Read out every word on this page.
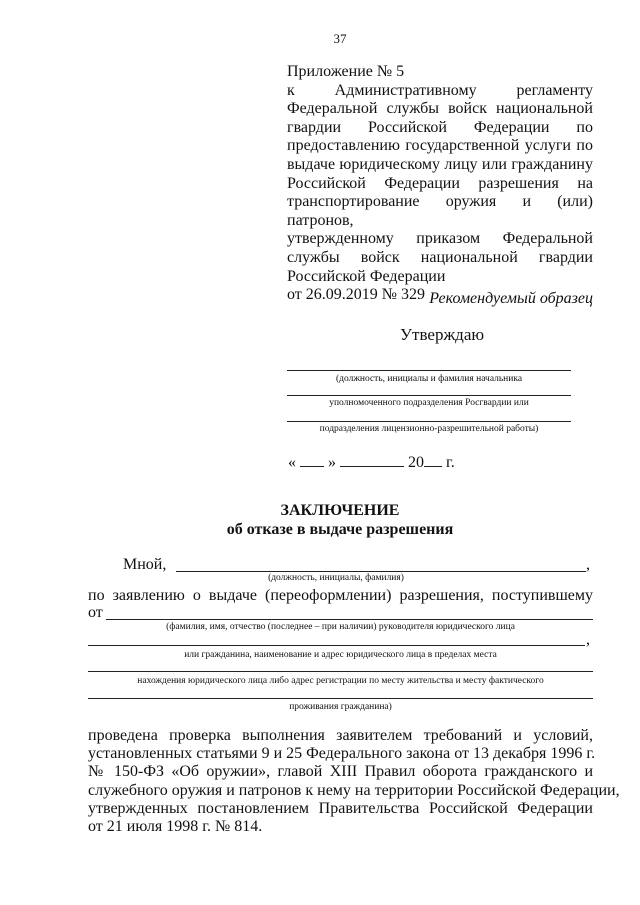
37
Приложение № 5
к Административному регламенту
Федеральной службы войск национальной
гвардии Российской Федерации по
предоставлению государственной услуги по
выдаче юридическому лицу или гражданину
Российской Федерации разрешения на
транспортирование оружия и (или) патронов,
утвержденному приказом Федеральной
службы войск национальной гвардии
Российской Федерации
от 26.09.2019 № 329 Рекомендуемый образец
Утверждаю
(должность, инициалы и фамилия начальника
уполномоченного подразделения Росгвардии или
подразделения лицензионно-разрешительной работы)
« »	20 г.
ЗАКЛЮЧЕНИЕ
об отказе в выдаче разрешения
Мной,	,
(должность, инициалы, фамилия)
по заявлению о выдаче (переоформлении) разрешения, поступившему
от
(фамилия, имя, отчество (последнее – при наличии) руководителя юридического лица
,
или гражданина, наименование и адрес юридического лица в пределах места
нахождения юридического лица либо адрес регистрации по месту жительства и месту фактического
проживания гражданина)
проведена проверка выполнения заявителем требований и условий,
установленных статьями 9 и 25 Федерального закона от 13 декабря 1996 г.
№ 150-ФЗ «Об оружии», главой XIII Правил оборота гражданского и
служебного оружия и патронов к нему на территории Российской Федерации,
утвержденных постановлением Правительства Российской Федерации
от 21 июля 1998 г. № 814.
